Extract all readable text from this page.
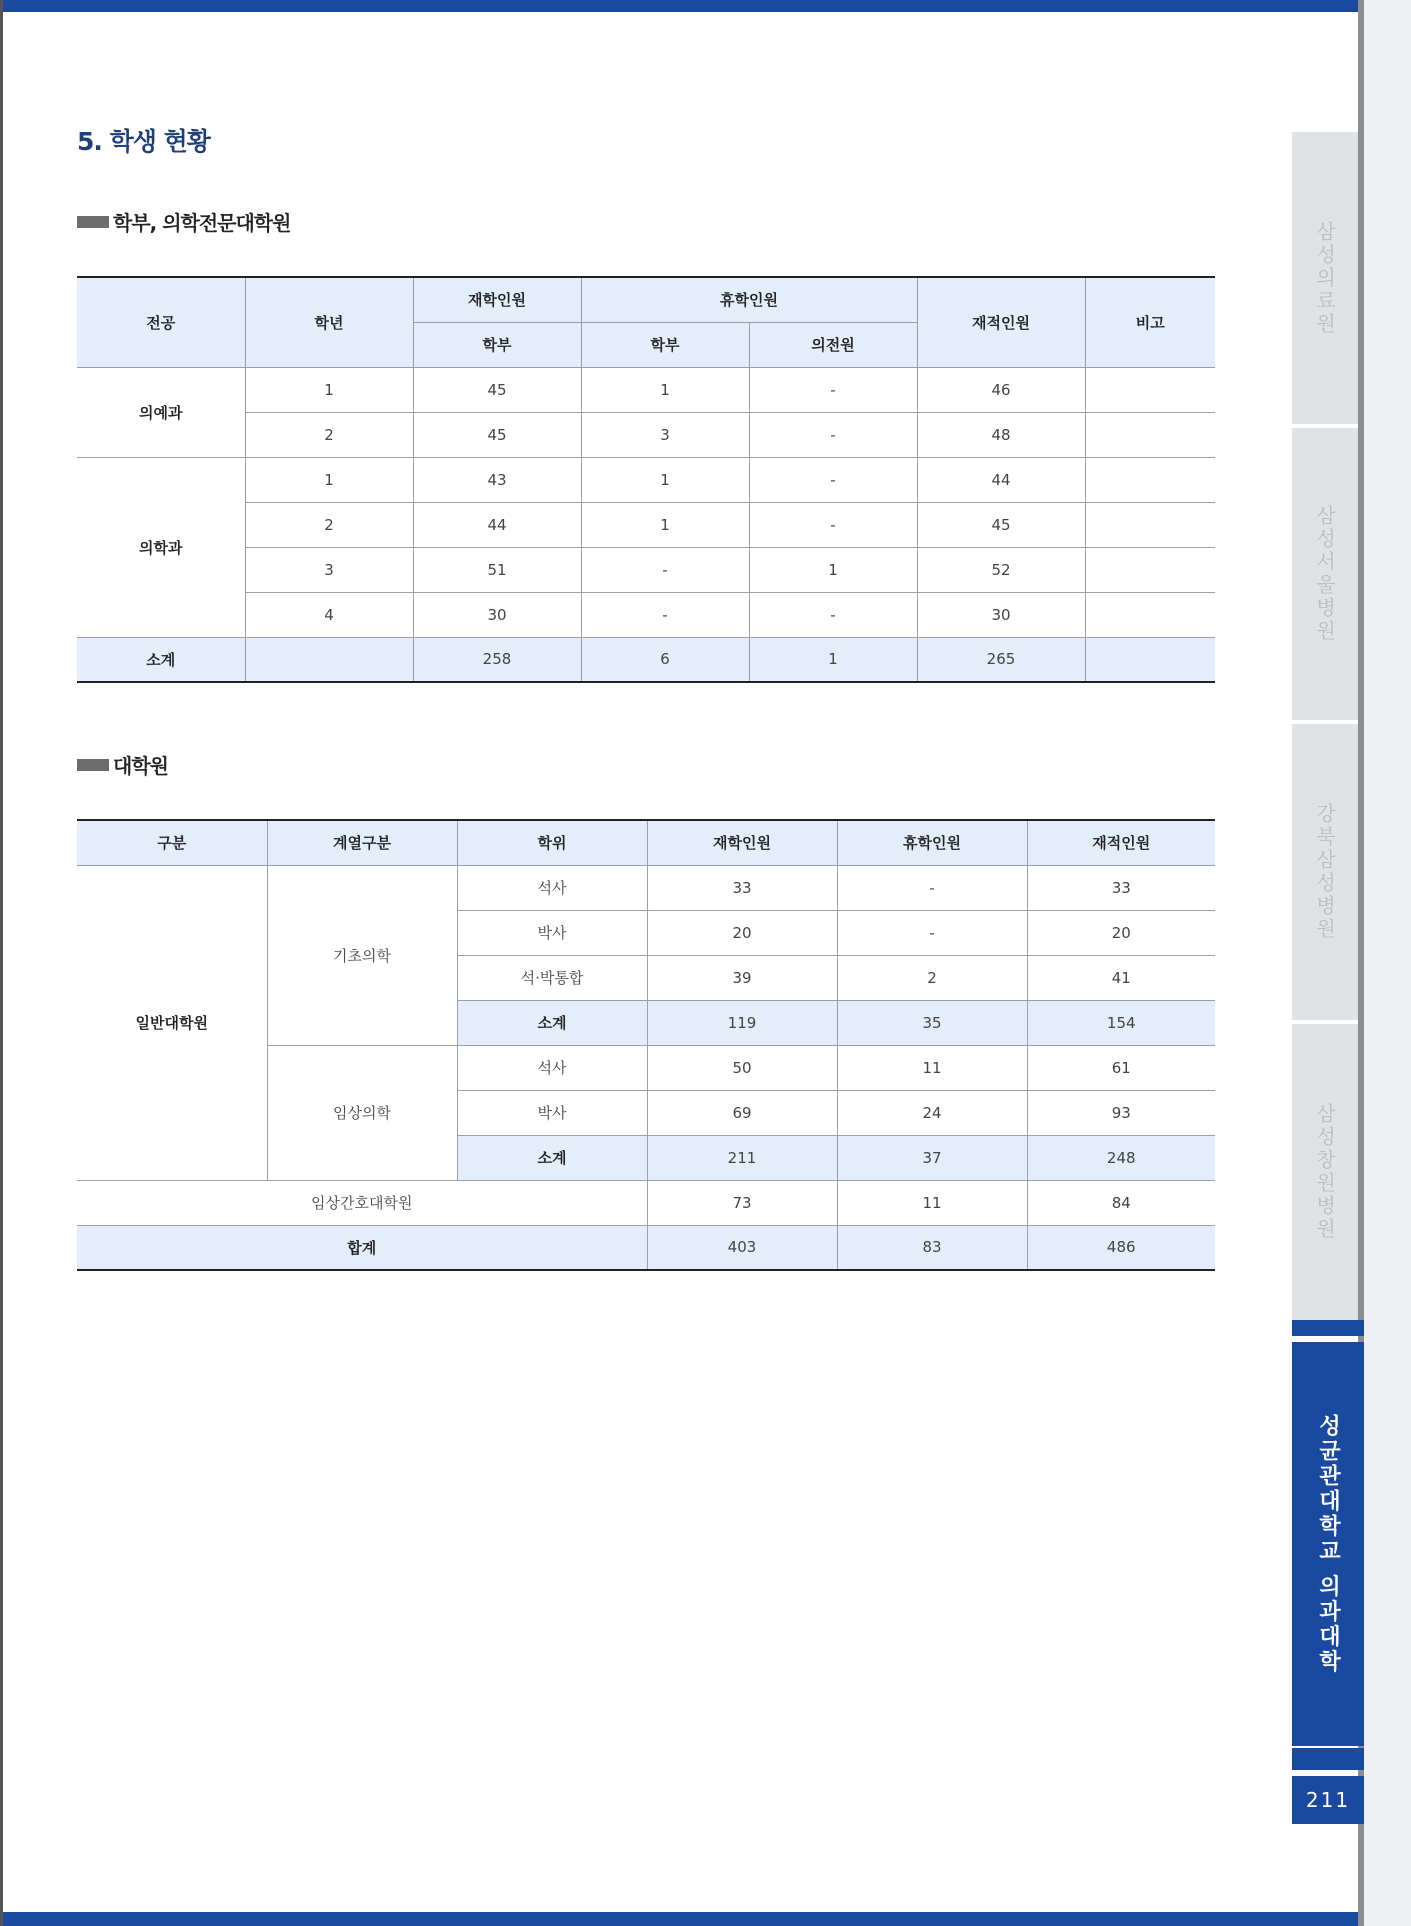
5. 학생 현황
학부, 의학전문대학원
전공	학년	재학인원	휴학인원		재적인원	비고
		학부	학부	의전원		
의예과	1	45	1	-	46	
	2	45	3	-	48	
의학과	1	43	1	-	44	
	2	44	1	-	45	
	3	51	-	1	52	
	4	30	-	-	30	
소계		258	6	1	265	
대학원
구분	계열구분	학위	재학인원	휴학인원	재적인원
일반대학원	기초의학	석사	33	-	33
		박사	20	-	20
		석·박통합	39	2	41
		소계	119	35	154
	임상의학	석사	50	11	61
		박사	69	24	93
		소계	211	37	248
임상간호대학원			73	11	84
합계			403	83	486
삼성의료원
삼성서울병원
강북삼성병원
삼성창원병원
성균관대학교 의과대학
211
